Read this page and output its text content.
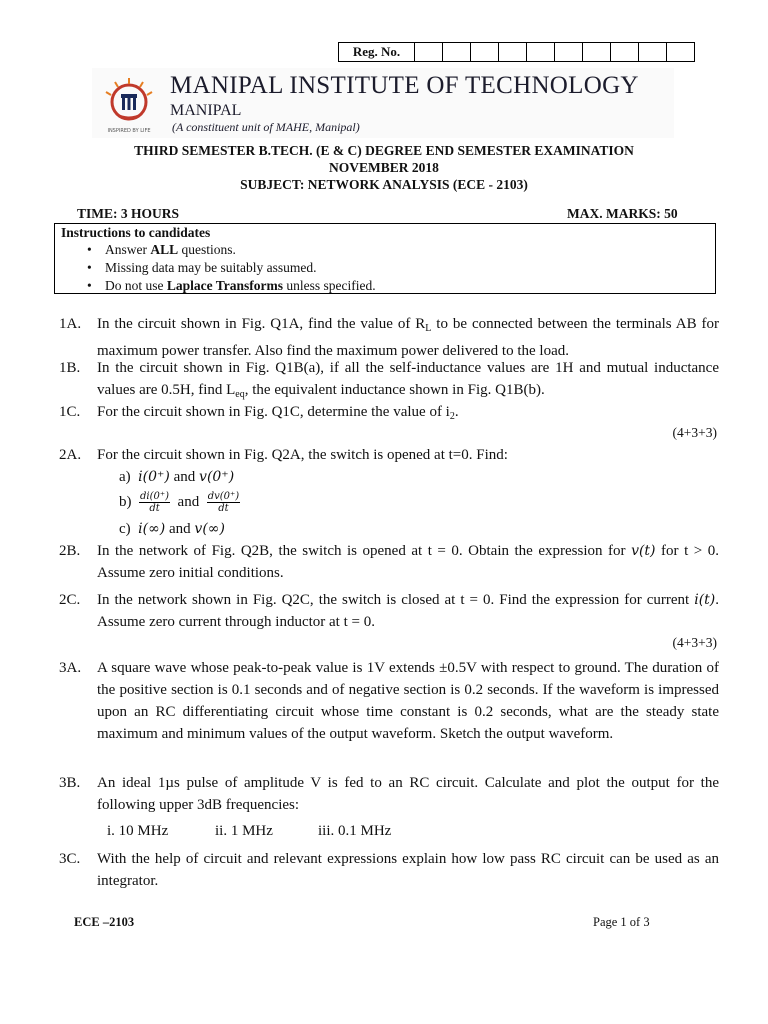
Reg. No.										
INSPIRED BY LIFE
MANIPAL INSTITUTE OF TECHNOLOGY
MANIPAL
(A constituent unit of MAHE, Manipal)
THIRD SEMESTER B.TECH. (E & C) DEGREE END SEMESTER EXAMINATION
NOVEMBER 2018
SUBJECT: NETWORK ANALYSIS (ECE - 2103)
TIME: 3 HOURS	MAX. MARKS: 50
Instructions to candidates
• Answer ALL questions.
• Missing data may be suitably assumed.
• Do not use Laplace Transforms unless specified.
1A. In the circuit shown in Fig. Q1A, find the value of $R_L$ to be connected between the terminals AB for maximum power transfer. Also find the maximum power delivered to the load.
1B. In the circuit shown in Fig. Q1B(a), if all the self-inductance values are 1H and mutual inductance values are 0.5H, find $L_{eq}$, the equivalent inductance shown in Fig. Q1B(b).
1C. For the circuit shown in Fig. Q1C, determine the value of $i_2$.
(4+3+3)
2A. For the circuit shown in Fig. Q2A, the switch is opened at t=0. Find:
a) i(0⁺) and v(0⁺)
$b) \frac{di(0^+)}{dt}$ and $\frac{dv(0^+)}{dt}$
c) i(∞) and v(∞)
2B. In the network of Fig. Q2B, the switch is opened at t = 0. Obtain the expression for v(t) for t > 0. Assume zero initial conditions.
2C. In the network shown in Fig. Q2C, the switch is closed at t = 0. Find the expression for current i(t). Assume zero current through inductor at t = 0.
(4+3+3)
3A. A square wave whose peak-to-peak value is 1V extends ±0.5V with respect to ground. The duration of the positive section is 0.1 seconds and of negative section is 0.2 seconds. If the waveform is impressed upon an RC differentiating circuit whose time constant is 0.2 seconds, what are the steady state maximum and minimum values of the output waveform. Sketch the output waveform.
3B. An ideal 1µs pulse of amplitude V is fed to an RC circuit. Calculate and plot the output for the following upper 3dB frequencies:
i. 10 MHz	ii. 1 MHz	iii. 0.1 MHz
3C. With the help of circuit and relevant expressions explain how low pass RC circuit can be used as an integrator.
ECE –2103	Page 1 of 3
